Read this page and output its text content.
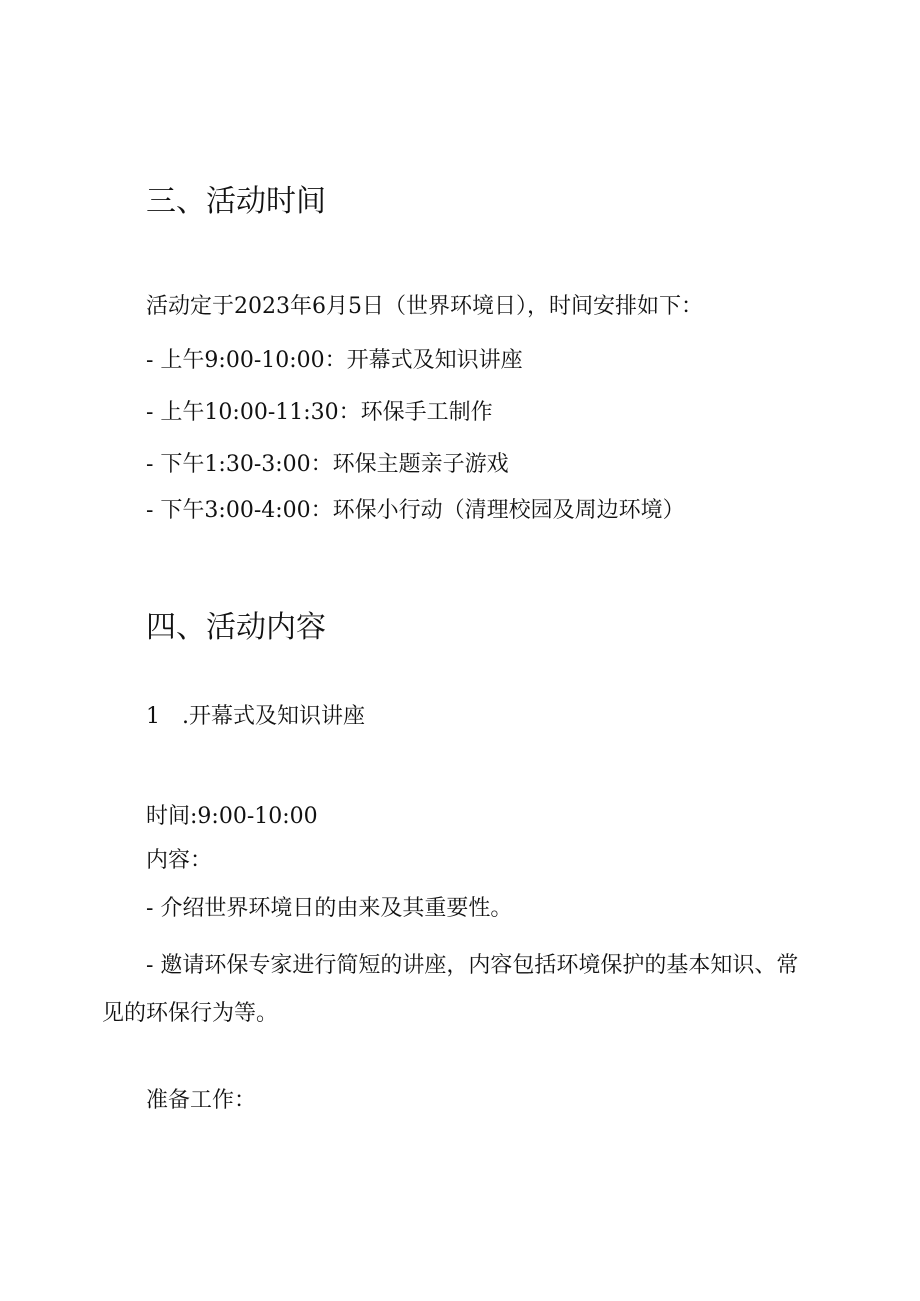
三、活动时间

活动定于2023年6月5日（世界环境日），时间安排如下：

- 上午9:00-10:00：开幕式及知识讲座

- 上午10:00-11:30：环保手工制作

- 下午1:30-3:00：环保主题亲子游戏

- 下午3:00-4:00：环保小行动（清理校园及周边环境）

四、活动内容

1　.开幕式及知识讲座

时间:9:00-10:00

内容：

- 介绍世界环境日的由来及其重要性。

- 邀请环保专家进行简短的讲座，内容包括环境保护的基本知识、常见的环保行为等。

准备工作：
